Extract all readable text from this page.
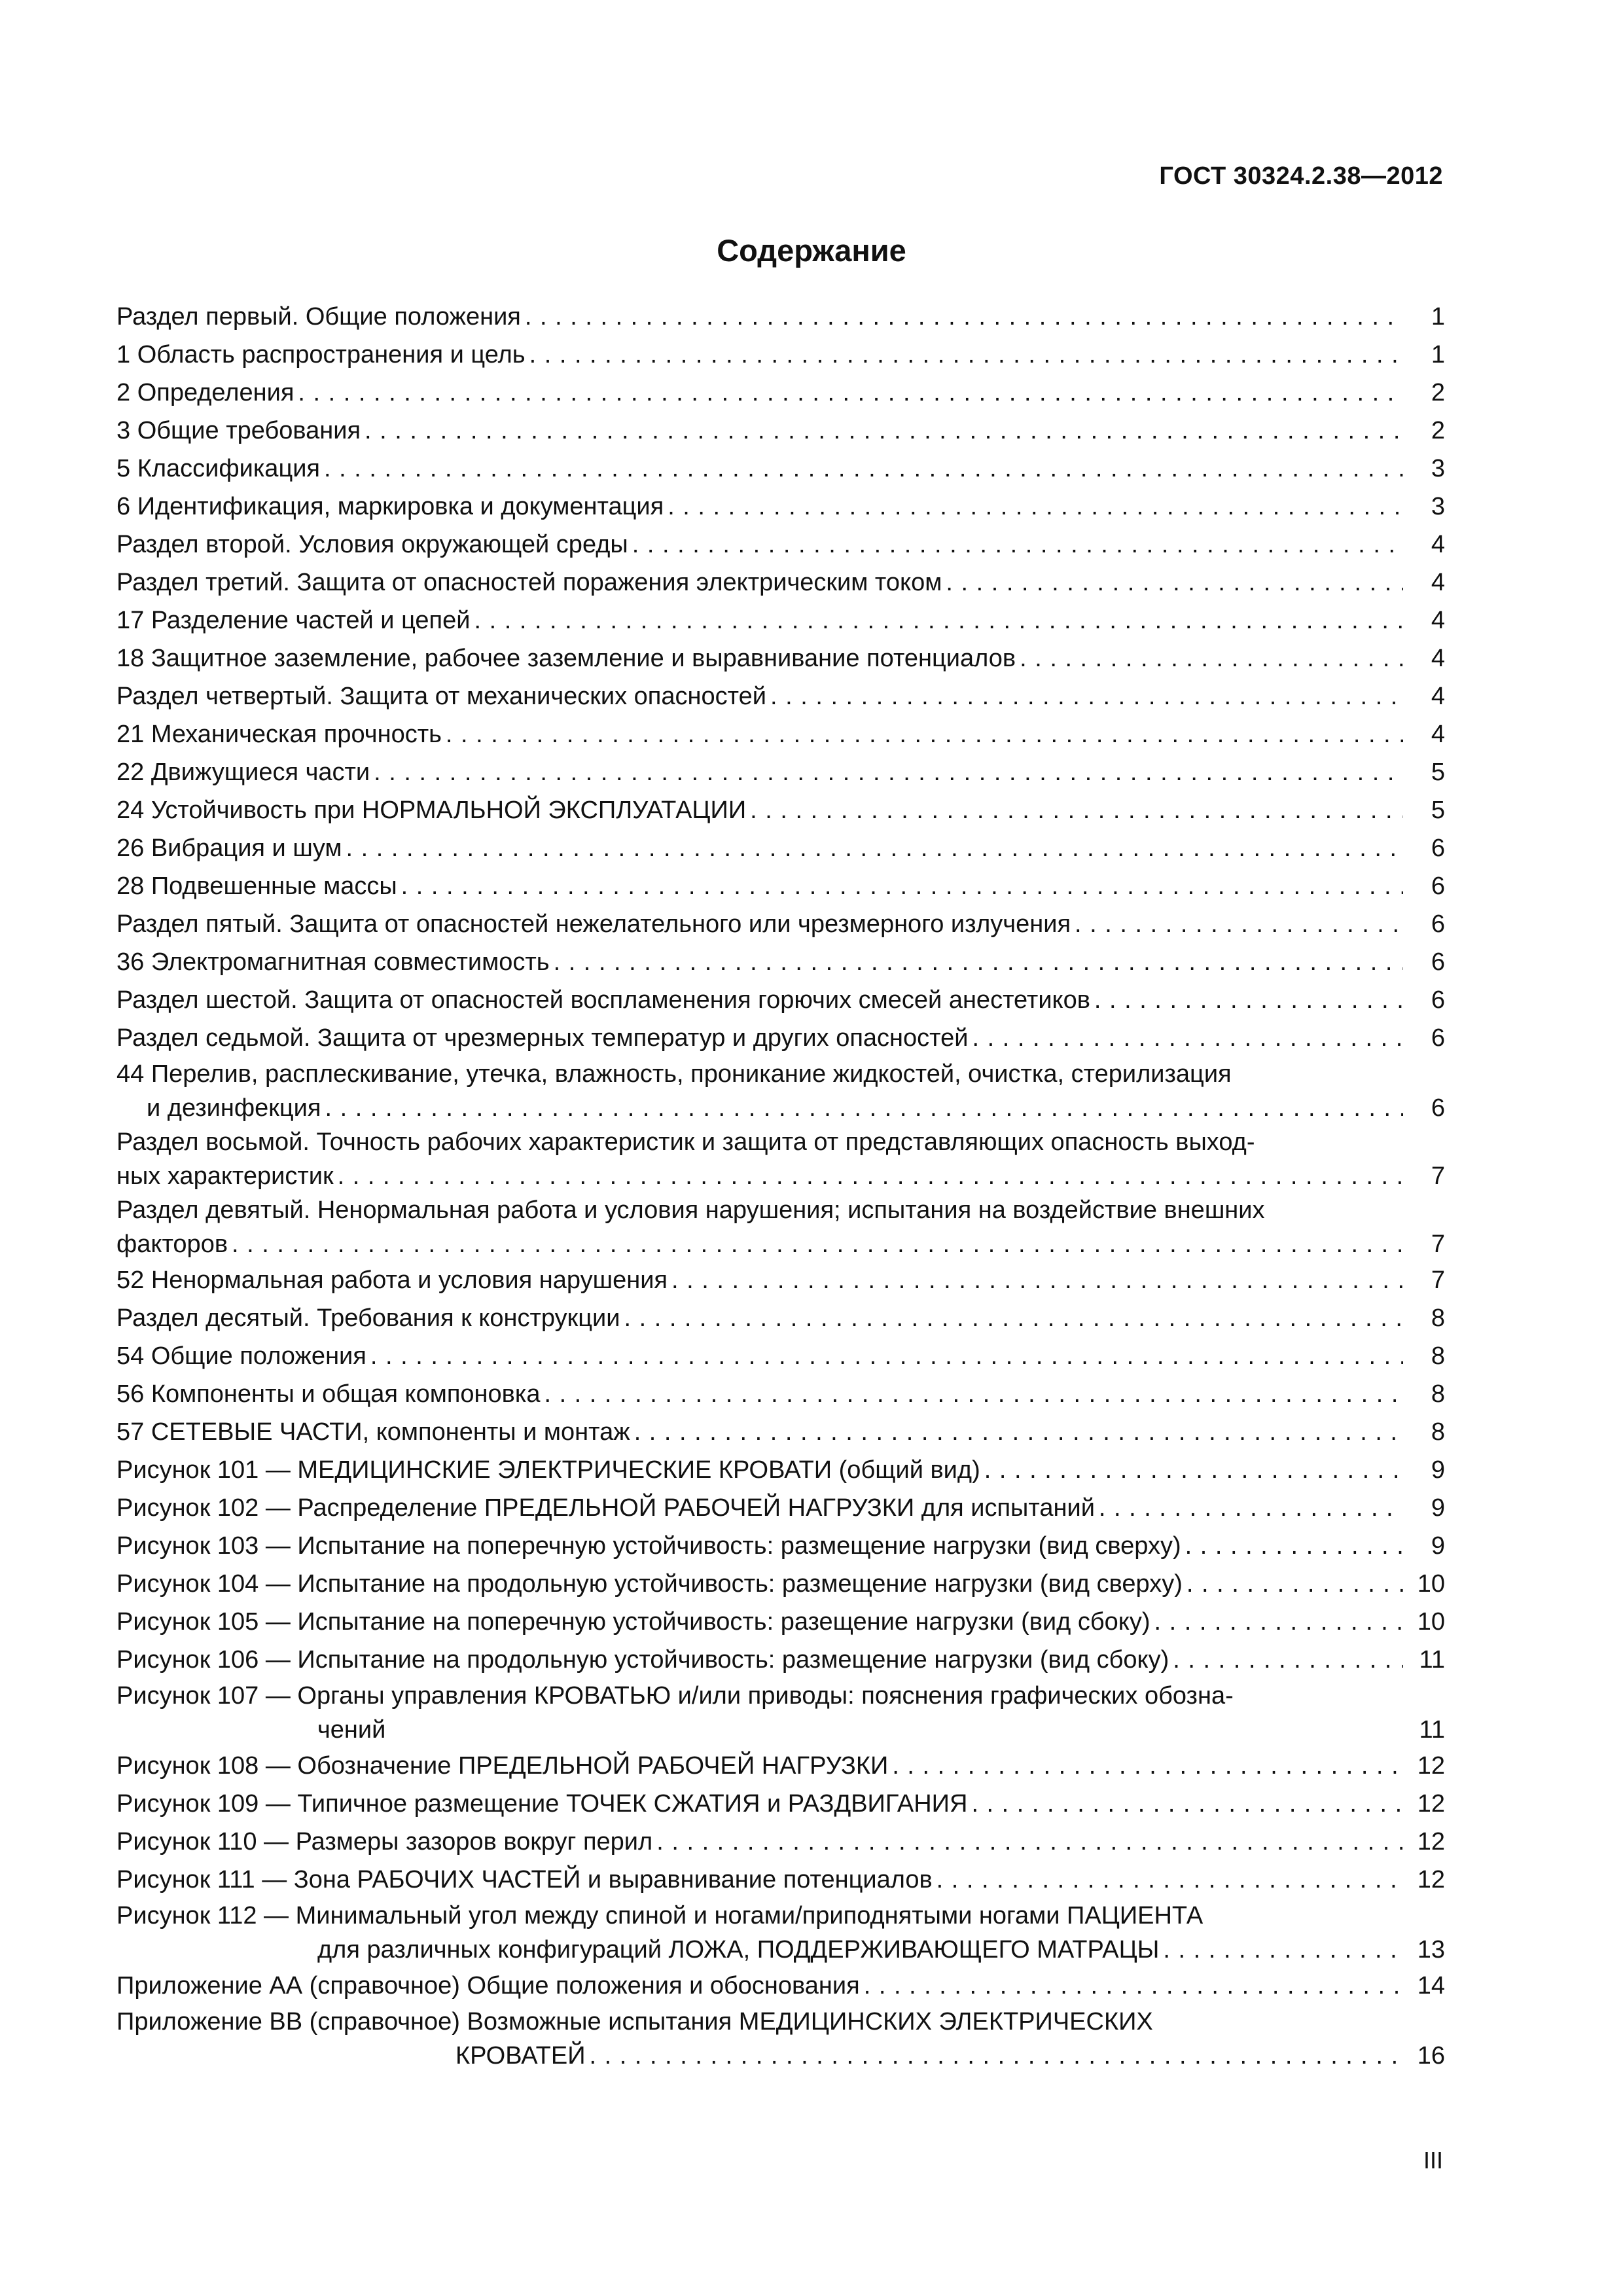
ГОСТ 30324.2.38—2012
Содержание
Раздел первый. Общие положения . . .	1
1 Область распространения и цель . . .	1
2 Определения . . .	2
3 Общие требования . . .	2
5 Классификация . . .	3
6 Идентификация, маркировка и документация . . .	3
Раздел второй. Условия окружающей среды . . .	4
Раздел третий. Защита от опасностей поражения электрическим током . . .	4
17 Разделение частей и цепей . . .	4
18 Защитное заземление, рабочее заземление и выравнивание потенциалов . . .	4
Раздел четвертый. Защита от механических опасностей . . .	4
21 Механическая прочность . . .	4
22 Движущиеся части . . .	5
24 Устойчивость при НОРМАЛЬНОЙ ЭКСПЛУАТАЦИИ . . .	5
26 Вибрация и шум . . .	6
28 Подвешенные массы . . .	6
Раздел пятый. Защита от опасностей нежелательного или чрезмерного излучения . . .	6
36 Электромагнитная совместимость . . .	6
Раздел шестой. Защита от опасностей воспламенения горючих смесей анестетиков . . .	6
Раздел седьмой. Защита от чрезмерных температур и других опасностей . . .	6
44 Перелив, расплескивание, утечка, влажность, проникание жидкостей, очистка, стерилизация
и дезинфекция . . .	6
Раздел восьмой. Точность рабочих характеристик и защита от представляющих опасность выход-
ных характеристик . . .	7
Раздел девятый. Ненормальная работа и условия нарушения; испытания на воздействие внешних
факторов . . .	7
52 Ненормальная работа и условия нарушения . . .	7
Раздел десятый. Требования к конструкции . . .	8
54 Общие положения . . .	8
56 Компоненты и общая компоновка . . .	8
57 СЕТЕВЫЕ ЧАСТИ, компоненты и монтаж . . .	8
Рисунок 101 — МЕДИЦИНСКИЕ ЭЛЕКТРИЧЕСКИЕ КРОВАТИ (общий вид) . . .	9
Рисунок 102 — Распределение ПРЕДЕЛЬНОЙ РАБОЧЕЙ НАГРУЗКИ для испытаний . . .	9
Рисунок 103 — Испытание на поперечную устойчивость: размещение нагрузки (вид сверху) . . .	9
Рисунок 104 — Испытание на продольную устойчивость: размещение нагрузки (вид сверху) . . .	10
Рисунок 105 — Испытание на поперечную устойчивость: разещение нагрузки (вид сбоку) . . .	10
Рисунок 106 — Испытание на продольную устойчивость: размещение нагрузки (вид сбоку) . . .	11
Рисунок 107 — Органы управления КРОВАТЬЮ и/или приводы: пояснения графических обозна-
чений	11
Рисунок 108 — Обозначение ПРЕДЕЛЬНОЙ РАБОЧЕЙ НАГРУЗКИ . . .	12
Рисунок 109 — Типичное размещение ТОЧЕК СЖАТИЯ и РАЗДВИГАНИЯ . . .	12
Рисунок 110 — Размеры зазоров вокруг перил . . .	12
Рисунок 111 — Зона РАБОЧИХ ЧАСТЕЙ и выравнивание потенциалов . . .	12
Рисунок 112 — Минимальный угол между спиной и ногами/приподнятыми ногами ПАЦИЕНТА
для различных конфигураций ЛОЖА, ПОДДЕРЖИВАЮЩЕГО МАТРАЦЫ . . .	13
Приложение АА (справочное) Общие положения и обоснования . . .	14
Приложение ВВ (справочное) Возможные испытания МЕДИЦИНСКИХ ЭЛЕКТРИЧЕСКИХ
КРОВАТЕЙ . . .	16
III
